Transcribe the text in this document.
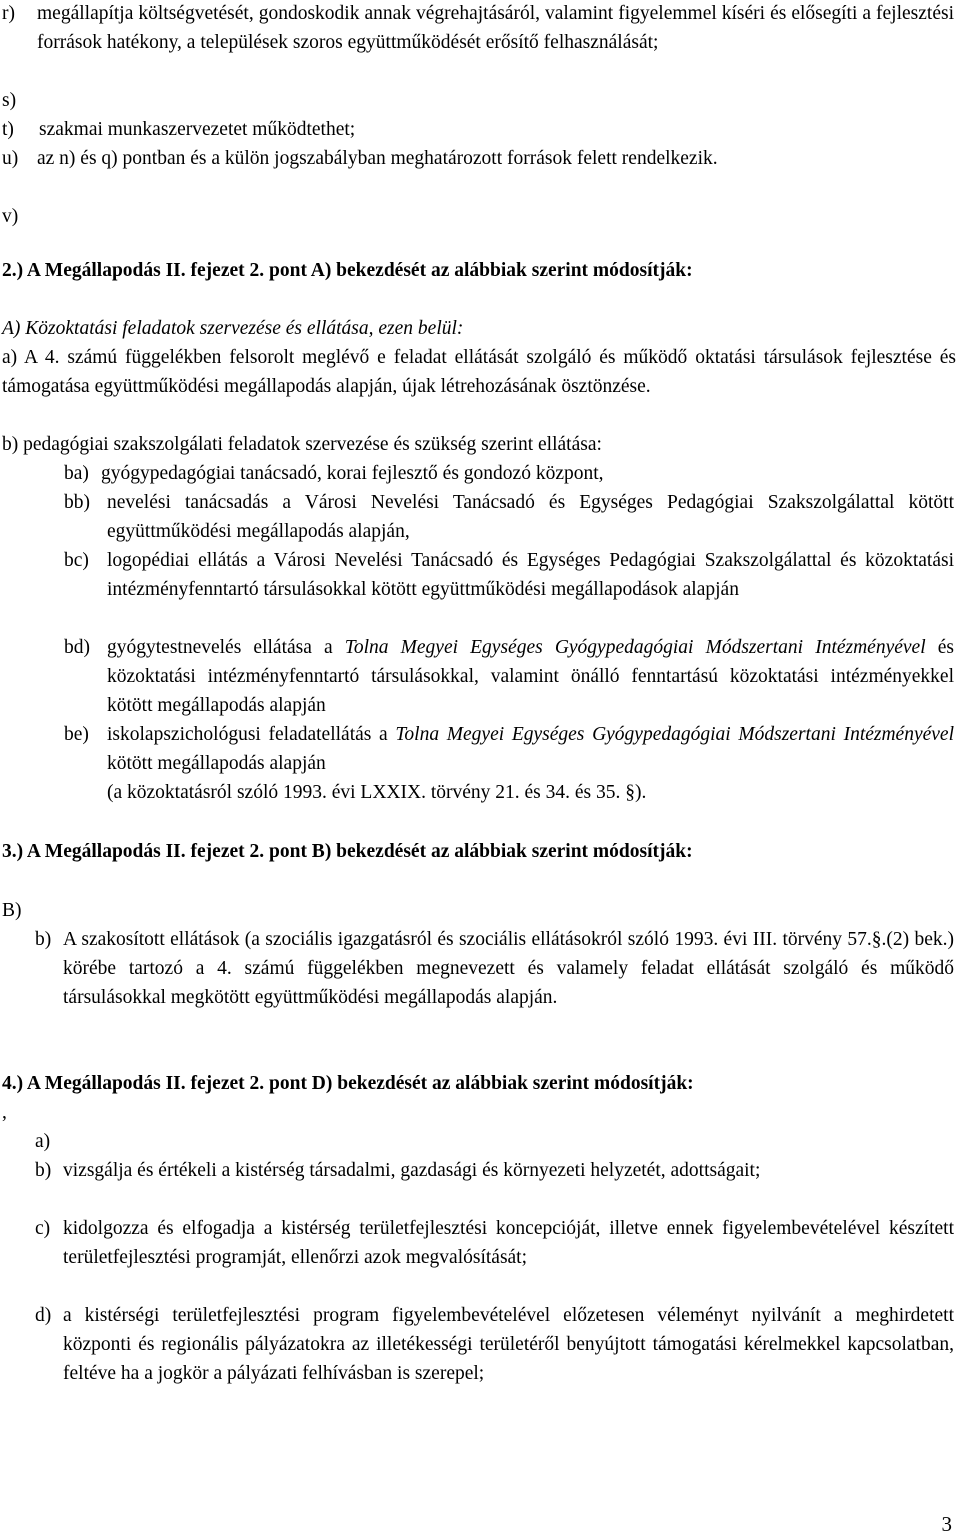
r)	megállapítja költségvetését, gondoskodik annak végrehajtásáról, valamint figyelemmel kíséri és elősegíti a fejlesztési források hatékony, a települések szoros együttműködését erősítő felhasználását;
s)
t)	szakmai munkaszervezetet működtethet;
u) az n) és q) pontban és a külön jogszabályban meghatározott források felett rendelkezik.
v)
2.) A Megállapodás II. fejezet 2. pont A) bekezdését az alábbiak szerint módosítják:
A) Közoktatási feladatok szervezése és ellátása, ezen belül:
a) A 4. számú függelékben felsorolt meglévő e feladat ellátását szolgáló és működő oktatási társulások fejlesztése és támogatása együttműködési megállapodás alapján, újak létrehozásának ösztönzése.
b) pedagógiai szakszolgálati feladatok szervezése és szükség szerint ellátása:
ba) gyógypedagógiai tanácsadó, korai fejlesztő és gondozó központ,
bb) nevelési tanácsadás a Városi Nevelési Tanácsadó és Egységes Pedagógiai Szakszolgálattal kötött együttműködési megállapodás alapján,
bc) logopédiai ellátás a Városi Nevelési Tanácsadó és Egységes Pedagógiai Szakszolgálattal és közoktatási intézményfenntartó társulásokkal kötött együttműködési megállapodások alapján
bd) gyógytestnevelés ellátása a Tolna Megyei Egységes Gyógypedagógiai Módszertani Intézményével és közoktatási intézményfenntartó társulásokkal, valamint önálló fenntartású közoktatási intézményekkel kötött megállapodás alapján
be) iskolapszichológusi feladatellátás a Tolna Megyei Egységes Gyógypedagógiai Módszertani Intézményével kötött megállapodás alapján
(a közoktatásról szóló 1993. évi LXXIX. törvény 21. és 34. és 35. §).
3.) A Megállapodás II. fejezet 2. pont B) bekezdését az alábbiak szerint módosítják:
B)
b) A szakosított ellátások (a szociális igazgatásról és szociális ellátásokról szóló 1993. évi III. törvény 57.§.(2) bek.) körébe tartozó a 4. számú függelékben megnevezett és valamely feladat ellátását szolgáló és működő társulásokkal megkötött együttműködési megállapodás alapján.
4.) A Megállapodás II. fejezet 2. pont D) bekezdését az alábbiak szerint módosítják:
,
a)
b) vizsgálja és értékeli a kistérség társadalmi, gazdasági és környezeti helyzetét, adottságait;
c) kidolgozza és elfogadja a kistérség területfejlesztési koncepcióját, illetve ennek figyelembevételével készített területfejlesztési programját, ellenőrzi azok megvalósítását;
d) a kistérségi területfejlesztési program figyelembevételével előzetesen véleményt nyilvánít a meghirdetett központi és regionális pályázatokra az illetékességi területéről benyújtott támogatási kérelmekkel kapcsolatban, feltéve ha a jogkör a pályázati felhívásban is szerepel;
3
